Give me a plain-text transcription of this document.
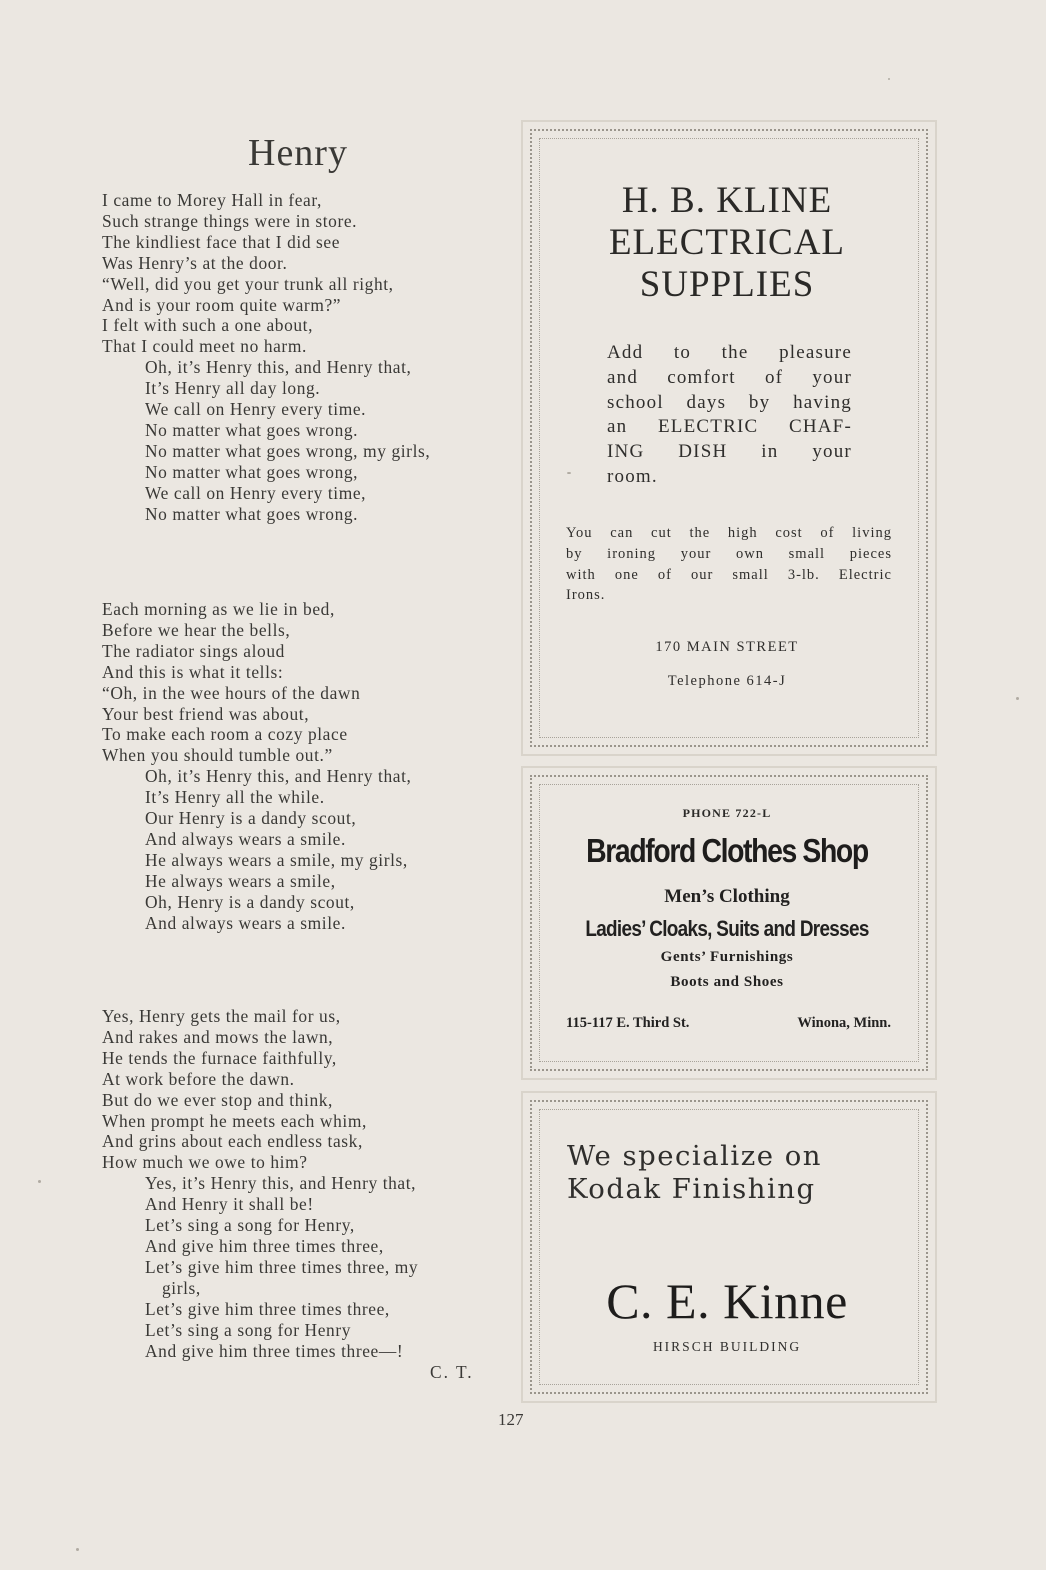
Henry
I came to Morey Hall in fear,
Such strange things were in store.
The kindliest face that I did see
Was Henry’s at the door.
“Well, did you get your trunk all right,
And is your room quite warm?”
I felt with such a one about,
That I could meet no harm.
Oh, it’s Henry this, and Henry that,
It’s Henry all day long.
We call on Henry every time.
No matter what goes wrong.
No matter what goes wrong, my girls,
No matter what goes wrong,
We call on Henry every time,
No matter what goes wrong.
Each morning as we lie in bed,
Before we hear the bells,
The radiator sings aloud
And this is what it tells:
“Oh, in the wee hours of the dawn
Your best friend was about,
To make each room a cozy place
When you should tumble out.”
Oh, it’s Henry this, and Henry that,
It’s Henry all the while.
Our Henry is a dandy scout,
And always wears a smile.
He always wears a smile, my girls,
He always wears a smile,
Oh, Henry is a dandy scout,
And always wears a smile.
Yes, Henry gets the mail for us,
And rakes and mows the lawn,
He tends the furnace faithfully,
At work before the dawn.
But do we ever stop and think,
When prompt he meets each whim,
And grins about each endless task,
How much we owe to him?
Yes, it’s Henry this, and Henry that,
And Henry it shall be!
Let’s sing a song for Henry,
And give him three times three,
Let’s give him three times three, my
girls,
Let’s give him three times three,
Let’s sing a song for Henry
And give him three times three—!
C. T.
H. B. KLINE
ELECTRICAL
SUPPLIES
Add to the pleasure
and comfort of your
school days by having
an ELECTRIC CHAF-
ING DISH in your
room.
You can cut the high cost of living
by ironing your own small pieces
with one of our small 3-lb. Electric
Irons.
170 MAIN STREET
Telephone 614-J
PHONE 722-L
Bradford Clothes Shop
Men’s Clothing
Ladies’ Cloaks, Suits and Dresses
Gents’ Furnishings
Boots and Shoes
115-117 E. Third St.	Winona, Minn.
We specialize on
Kodak Finishing
C. E. Kinne
HIRSCH BUILDING
127
